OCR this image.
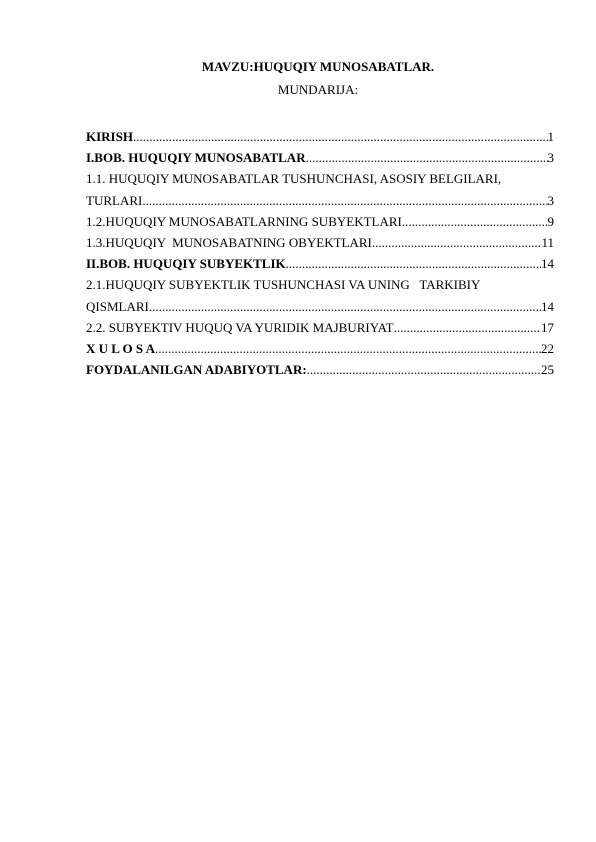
MAVZU:HUQUQIY MUNOSABATLAR.
MUNDARIJA:
KIRISH .....	1
I.BOB. HUQUQIY MUNOSABATLAR .....	3
1.1. HUQUQIY MUNOSABATLAR TUSHUNCHASI, ASOSIY BELGILARI,
TURLARI .....	3
1.2.HUQUQIY MUNOSABATLARNING SUBYEKTLARI .....	9
1.3.HUQUQIY  MUNOSABATNING OBYEKTLARI .....	11
II.BOB. HUQUQIY SUBYEKTLIK .....	14
2.1.HUQUQIY SUBYEKTLIK TUSHUNCHASI VA UNING   TARKIBIY
QISMLARI .....	14
2.2. SUBYEKTIV HUQUQ VA YURIDIK MAJBURIYAT .....	17
X U L O S A .....	22
FOYDALANILGAN ADABIYOTLAR: .....	25
